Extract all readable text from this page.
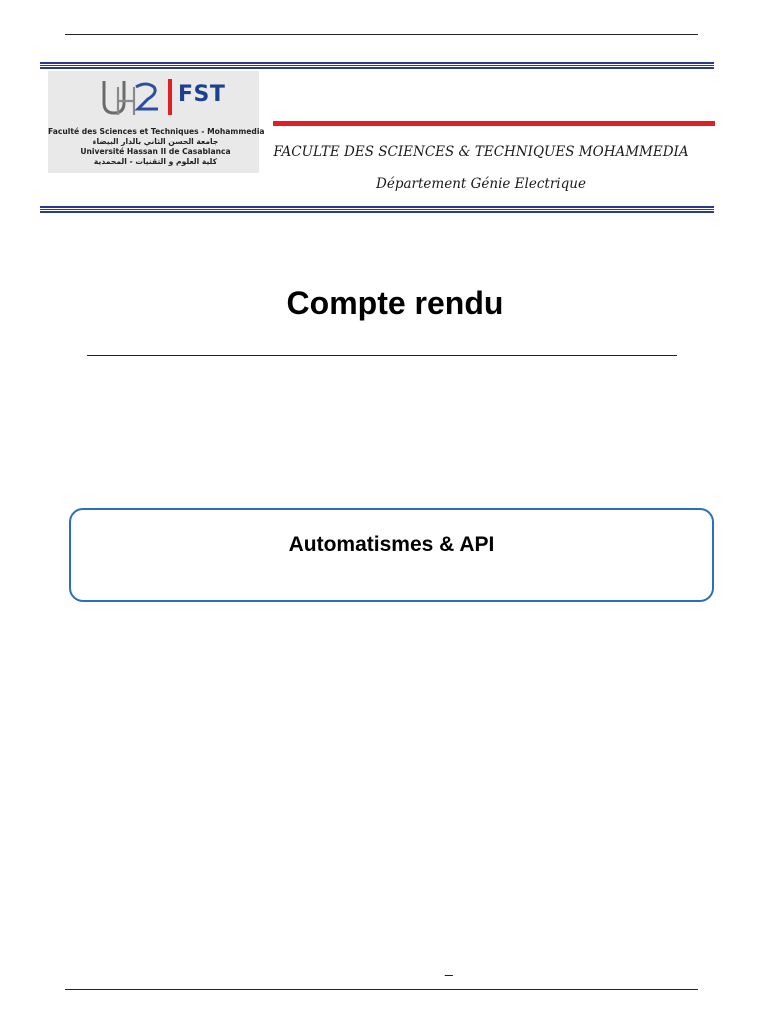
FST
Faculté des Sciences et Techniques - Mohammedia
جامعة الحسن الثاني بالدار البيضاء
Université Hassan II de Casablanca
كلية العلوم و التقنيات - المحمدية
FACULTE DES SCIENCES & TECHNIQUES MOHAMMEDIA
Département Génie Electrique
Compte rendu
Automatismes & API
_
